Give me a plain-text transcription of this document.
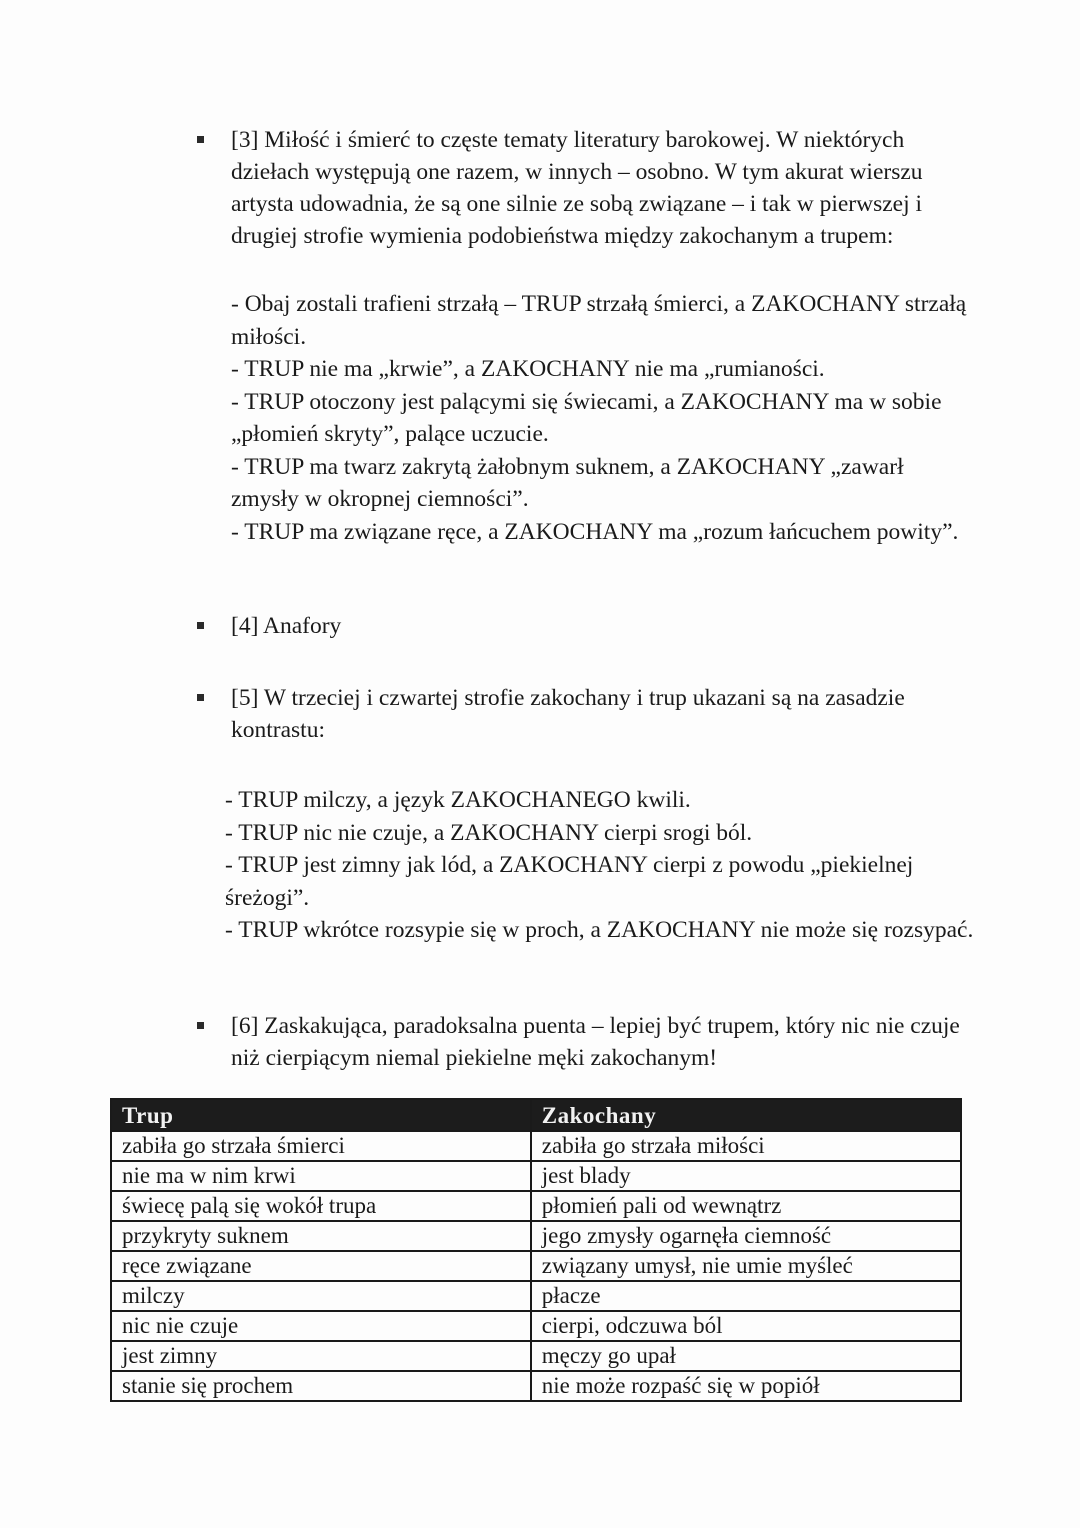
[3] Miłość i śmierć to częste tematy literatury barokowej. W niektórych dziełach występują one razem, w innych – osobno. W tym akurat wierszu artysta udowadnia, że są one silnie ze sobą związane – i tak w pierwszej i drugiej strofie wymienia podobieństwa między zakochanym a trupem:
- Obaj zostali trafieni strzałą – TRUP strzałą śmierci, a ZAKOCHANY strzałą miłości.
- TRUP nie ma „krwie”, a ZAKOCHANY nie ma „rumianości.
- TRUP otoczony jest palącymi się świecami, a ZAKOCHANY ma w sobie „płomień skryty”, palące uczucie.
- TRUP ma twarz zakrytą żałobnym suknem, a ZAKOCHANY „zawarł zmysły w okropnej ciemności”.
- TRUP ma związane ręce, a ZAKOCHANY ma „rozum łańcuchem powity”.
[4] Anafory
[5] W trzeciej i czwartej strofie zakochany i trup ukazani są na zasadzie kontrastu:
- TRUP milczy, a język ZAKOCHANEGO kwili.
- TRUP nic nie czuje, a ZAKOCHANY cierpi srogi ból.
- TRUP jest zimny jak lód, a ZAKOCHANY cierpi z powodu „piekielnej śreżogi”.
- TRUP wkrótce rozsypie się w proch, a ZAKOCHANY nie może się rozsypać.
[6] Zaskakująca, paradoksalna puenta – lepiej być trupem, który nic nie czuje niż cierpiącym niemal piekielne męki zakochanym!
Trup	Zakochany
zabiła go strzała śmierci	zabiła go strzała miłości
nie ma w nim krwi	jest blady
świecę palą się wokół trupa	płomień pali od wewnątrz
przykryty suknem	jego zmysły ogarnęła ciemność
ręce związane	związany umysł, nie umie myśleć
milczy	płacze
nic nie czuje	cierpi, odczuwa ból
jest zimny	męczy go upał
stanie się prochem	nie może rozpaść się w popiół
